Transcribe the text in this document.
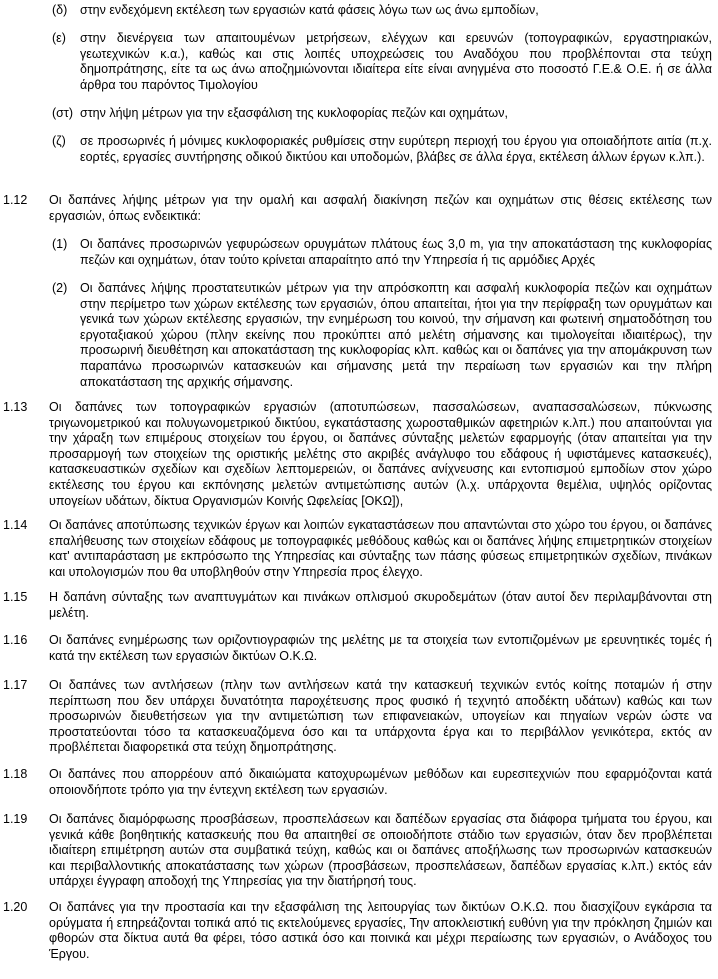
(δ)	στην ενδεχόμενη εκτέλεση των εργασιών κατά φάσεις λόγω των ως άνω εμποδίων,
(ε)	στην διενέργεια των απαιτουμένων μετρήσεων, ελέγχων και ερευνών (τοπογραφικών, εργαστηριακών, γεωτεχνικών κ.α.), καθώς και στις λοιπές υποχρεώσεις του Αναδόχου που προβλέπονται στα τεύχη δημοπράτησης, είτε τα ως άνω αποζημιώνονται ιδιαίτερα είτε είναι ανηγμένα στο ποσοστό Γ.Ε.& Ο.Ε. ή σε άλλα άρθρα του παρόντος Τιμολογίου
(στ) στην λήψη μέτρων για την εξασφάλιση της κυκλοφορίας πεζών και οχημάτων,
(ζ)	σε προσωρινές ή μόνιμες κυκλοφοριακές ρυθμίσεις στην ευρύτερη περιοχή του έργου για οποιαδήποτε αιτία (π.χ. εορτές, εργασίες συντήρησης οδικού δικτύου και υποδομών, βλάβες σε άλλα έργα, εκτέλεση άλλων έργων κ.λπ.).
1.12	Οι δαπάνες λήψης μέτρων για την ομαλή και ασφαλή διακίνηση πεζών και οχημάτων στις θέσεις εκτέλεσης των εργασιών, όπως ενδεικτικά:
(1)	Οι δαπάνες προσωρινών γεφυρώσεων ορυγμάτων πλάτους έως 3,0 m, για την αποκατάσταση της κυκλοφορίας πεζών και οχημάτων, όταν τούτο κρίνεται απαραίτητο από την Υπηρεσία ή τις αρμόδιες Αρχές
(2)	Οι δαπάνες λήψης προστατευτικών μέτρων για την απρόσκοπτη και ασφαλή κυκλοφορία πεζών και οχημάτων στην περίμετρο των χώρων εκτέλεσης των εργασιών, όπου απαιτείται, ήτοι για την περίφραξη των ορυγμάτων και γενικά των χώρων εκτέλεσης εργασιών, την ενημέρωση του κοινού, την σήμανση και φωτεινή σηματοδότηση του εργοταξιακού χώρου (πλην εκείνης που προκύπτει από μελέτη σήμανσης και τιμολογείται ιδιαιτέρως), την προσωρινή διευθέτηση και αποκατάσταση της κυκλοφορίας κλπ. καθώς και οι δαπάνες για την απομάκρυνση των παραπάνω προσωρινών κατασκευών και σήμανσης μετά την περαίωση των εργασιών και την πλήρη αποκατάσταση της αρχικής σήμανσης.
1.13	Οι δαπάνες των τοπογραφικών εργασιών (αποτυπώσεων, πασσαλώσεων, αναπασσαλώσεων, πύκνωσης τριγωνομετρικού και πολυγωνομετρικού δικτύου, εγκατάστασης χωροσταθμικών αφετηριών κ.λπ.) που απαιτούνται για την χάραξη των επιμέρους στοιχείων του έργου, οι δαπάνες σύνταξης μελετών εφαρμογής (όταν απαιτείται για την προσαρμογή των στοιχείων της οριστικής μελέτης στο ακριβές ανάγλυφο του εδάφους ή υφιστάμενες κατασκευές), κατασκευαστικών σχεδίων και σχεδίων λεπτομερειών, οι δαπάνες ανίχνευσης και εντοπισμού εμποδίων στον χώρο εκτέλεσης του έργου και εκπόνησης μελετών αντιμετώπισης αυτών (λ.χ. υπάρχοντα θεμέλια, υψηλός ορίζοντας υπογείων υδάτων, δίκτυα Οργανισμών Κοινής Ωφελείας [ΟΚΩ]),
1.14	Οι δαπάνες αποτύπωσης τεχνικών έργων και λοιπών εγκαταστάσεων που απαντώνται στο χώρο του έργου, οι δαπάνες επαλήθευσης των στοιχείων εδάφους με τοπογραφικές μεθόδους καθώς και οι δαπάνες λήψης επιμετρητικών στοιχείων κατ' αντιπαράσταση με εκπρόσωπο της Υπηρεσίας και σύνταξης των πάσης φύσεως επιμετρητικών σχεδίων, πινάκων και υπολογισμών που θα υποβληθούν στην Υπηρεσία προς έλεγχο.
1.15	Η δαπάνη σύνταξης των αναπτυγμάτων και πινάκων οπλισμού σκυροδεμάτων (όταν αυτοί δεν περιλαμβάνονται στη μελέτη.
1.16	Οι δαπάνες ενημέρωσης των οριζοντιογραφιών της μελέτης με τα στοιχεία των εντοπιζομένων με ερευνητικές τομές ή κατά την εκτέλεση των εργασιών δικτύων Ο.Κ.Ω.
1.17	Οι δαπάνες των αντλήσεων (πλην των αντλήσεων κατά την κατασκευή τεχνικών εντός κοίτης ποταμών ή στην περίπτωση που δεν υπάρχει δυνατότητα παροχέτευσης προς φυσικό ή τεχνητό αποδέκτη υδάτων) καθώς και των προσωρινών διευθετήσεων για την αντιμετώπιση των επιφανειακών, υπογείων και πηγαίων νερών ώστε να προστατεύονται τόσο τα κατασκευαζόμενα όσο και τα υπάρχοντα έργα και το περιβάλλον γενικότερα, εκτός αν προβλέπεται διαφορετικά στα τεύχη δημοπράτησης.
1.18	Οι δαπάνες που απορρέουν από δικαιώματα κατοχυρωμένων μεθόδων και ευρεσιτεχνιών που εφαρμόζονται κατά οποιονδήποτε τρόπο για την έντεχνη εκτέλεση των εργασιών.
1.19	Οι δαπάνες διαμόρφωσης προσβάσεων, προσπελάσεων και δαπέδων εργασίας στα διάφορα τμήματα του έργου, και γενικά κάθε βοηθητικής κατασκευής που θα απαιτηθεί σε οποιοδήποτε στάδιο των εργασιών, όταν δεν προβλέπεται ιδιαίτερη επιμέτρηση αυτών στα συμβατικά τεύχη, καθώς και οι δαπάνες αποξήλωσης των προσωρινών κατασκευών και περιβαλλοντικής αποκατάστασης των χώρων (προσβάσεων, προσπελάσεων, δαπέδων εργασίας κ.λπ.) εκτός εάν υπάρχει έγγραφη αποδοχή της Υπηρεσίας για την διατήρησή τους.
1.20	Οι δαπάνες για την προστασία και την εξασφάλιση της λειτουργίας των δικτύων Ο.Κ.Ω. που διασχίζουν εγκάρσια τα ορύγματα ή επηρεάζονται τοπικά από τις εκτελούμενες εργασίες, Την αποκλειστική ευθύνη για την πρόκληση ζημιών και φθορών στα δίκτυα αυτά θα φέρει, τόσο αστικά όσο και ποινικά και μέχρι περαίωσης των εργασιών, ο Ανάδοχος του Έργου.
